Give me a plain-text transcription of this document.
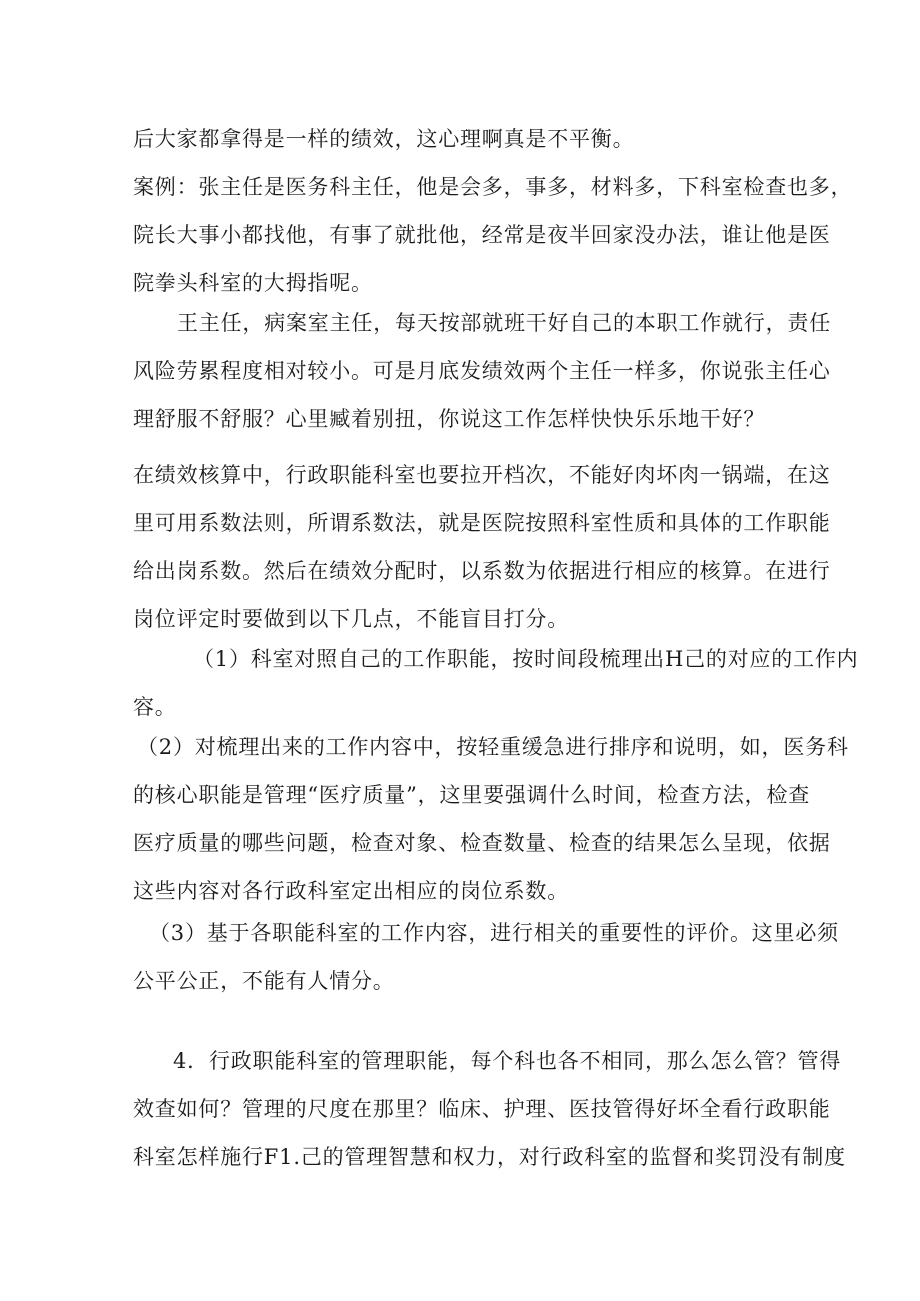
后大家都拿得是一样的绩效，这心理啊真是不平衡。

案例：张主任是医务科主任，他是会多，事多，材料多，下科室检查也多，
院长大事小都找他，有事了就批他，经常是夜半回家没办法，谁让他是医
院拳头科室的大拇指呢。

王主任，病案室主任，每天按部就班干好自己的本职工作就行，责任
风险劳累程度相对较小。可是月底发绩效两个主任一样多，你说张主任心
理舒服不舒服？心里臧着别扭，你说这工作怎样快快乐乐地干好？

在绩效核算中，行政职能科室也要拉开档次，不能好肉坏肉一锅端，在这
里可用系数法则，所谓系数法，就是医院按照科室性质和具体的工作职能
给出岗系数。然后在绩效分配时，以系数为依据进行相应的核算。在进行
岗位评定时要做到以下几点，不能盲目打分。

（1）科室对照自己的工作职能，按时间段梳理出H己的对应的工作内
容。

（2）对梳理出来的工作内容中，按轻重缓急进行排序和说明，如，医务科
的核心职能是管理“医疗质量”，这里要强调什么时间，检查方法，检查
医疗质量的哪些问题，检查对象、检查数量、检查的结果怎么呈现，依据
这些内容对各行政科室定出相应的岗位系数。

（3）基于各职能科室的工作内容，进行相关的重要性的评价。这里必须
公平公正，不能有人情分。

4．行政职能科室的管理职能，每个科也各不相同，那么怎么管？管得
效查如何？管理的尺度在那里？临床、护理、医技管得好坏全看行政职能
科室怎样施行F1.己的管理智慧和权力，对行政科室的监督和奖罚没有制度
